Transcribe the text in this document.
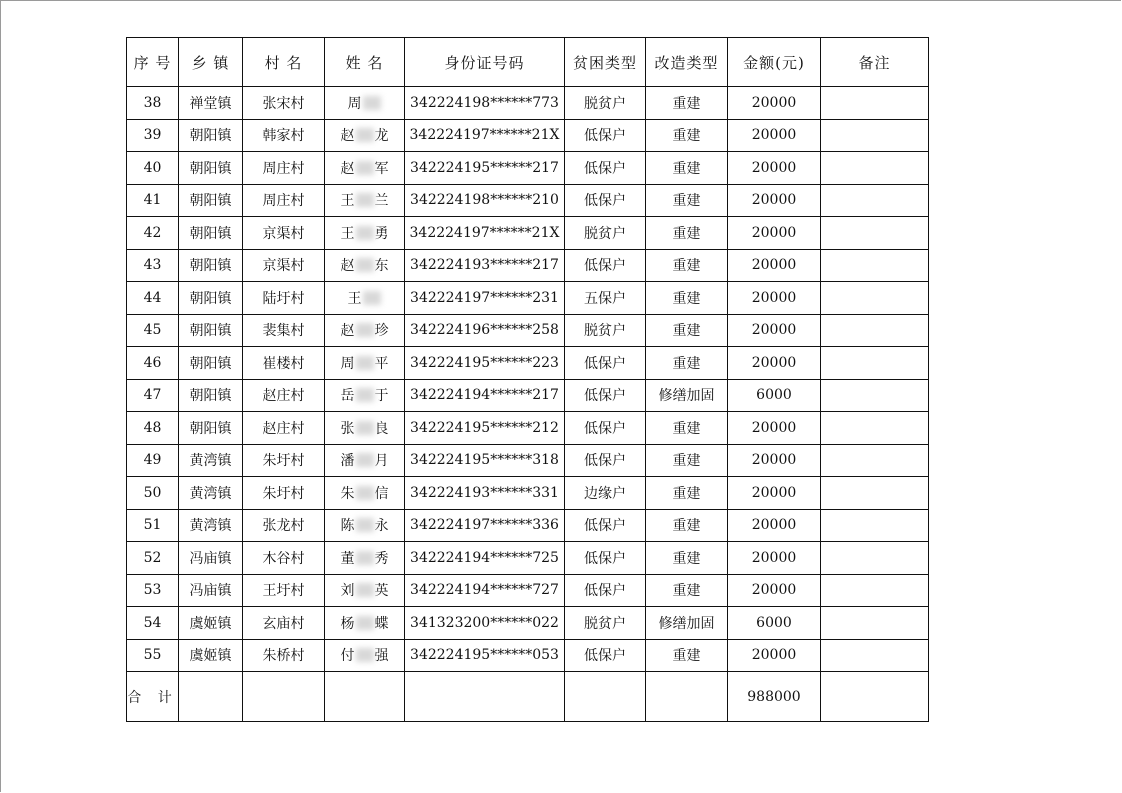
序 号	乡 镇	村 名	姓 名	身份证号码	贫困类型	改造类型	金额(元)	备注
38	禅堂镇	张宋村	周	342224198******773	脱贫户	重建	20000	
39	朝阳镇	韩家村	赵 龙	342224197******21X	低保户	重建	20000	
40	朝阳镇	周庄村	赵 军	342224195******217	低保户	重建	20000	
41	朝阳镇	周庄村	王 兰	342224198******210	低保户	重建	20000	
42	朝阳镇	京渠村	王 勇	342224197******21X	脱贫户	重建	20000	
43	朝阳镇	京渠村	赵 东	342224193******217	低保户	重建	20000	
44	朝阳镇	陆圩村	王	342224197******231	五保户	重建	20000	
45	朝阳镇	裴集村	赵 珍	342224196******258	脱贫户	重建	20000	
46	朝阳镇	崔楼村	周 平	342224195******223	低保户	重建	20000	
47	朝阳镇	赵庄村	岳 于	342224194******217	低保户	修缮加固	6000	
48	朝阳镇	赵庄村	张 良	342224195******212	低保户	重建	20000	
49	黄湾镇	朱圩村	潘 月	342224195******318	低保户	重建	20000	
50	黄湾镇	朱圩村	朱 信	342224193******331	边缘户	重建	20000	
51	黄湾镇	张龙村	陈 永	342224197******336	低保户	重建	20000	
52	冯庙镇	木谷村	董 秀	342224194******725	低保户	重建	20000	
53	冯庙镇	王圩村	刘 英	342224194******727	低保户	重建	20000	
54	虞姬镇	玄庙村	杨 蝶	341323200******022	脱贫户	修缮加固	6000	
55	虞姬镇	朱桥村	付 强	342224195******053	低保户	重建	20000	
合 计							988000	
